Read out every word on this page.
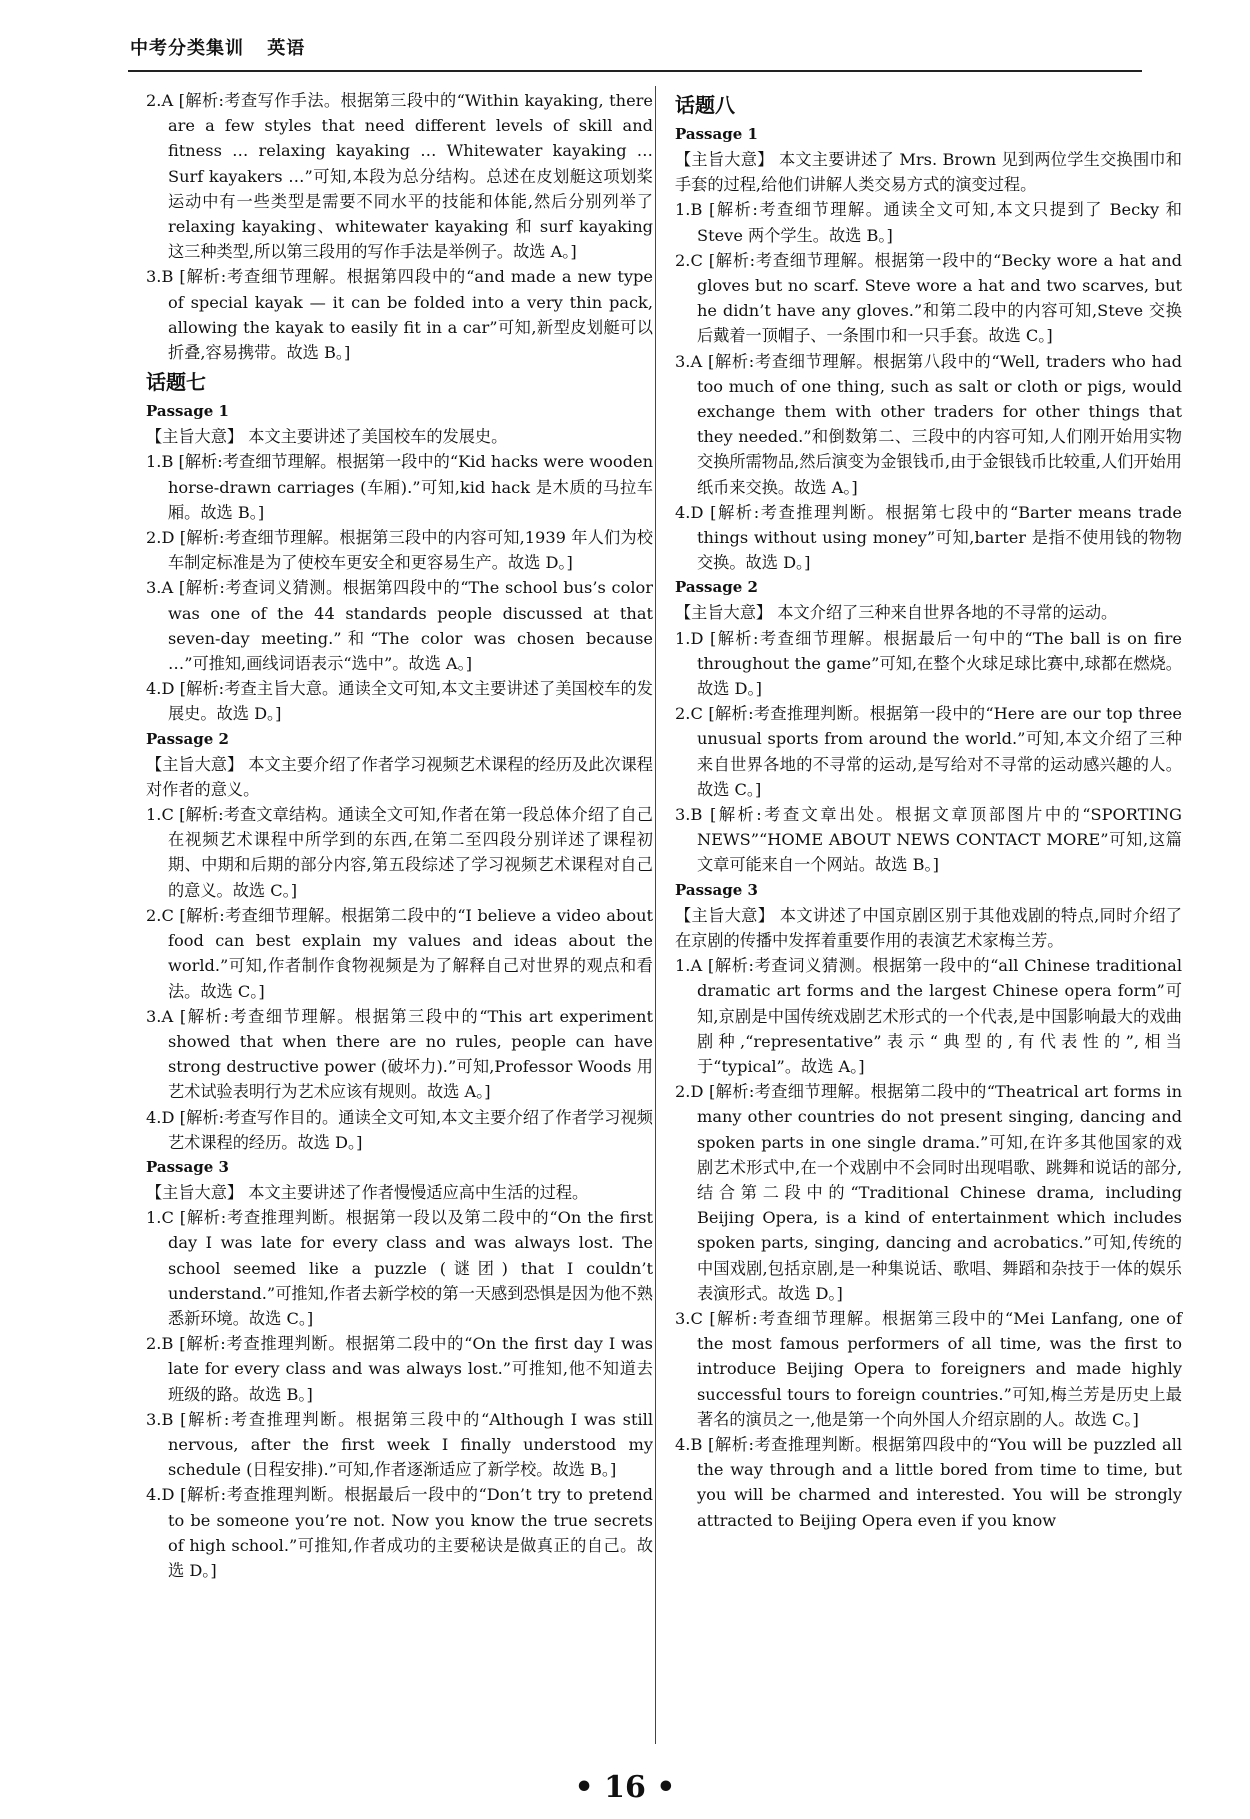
中考分类集训 英语

2.A [解析:考查写作手法。根据第三段中的“Within kayaking, there are a few styles that need different levels of skill and fitness … relaxing kayaking … Whitewater kayaking … Surf kayakers …”可知,本段为总分结构。总述在皮划艇这项划桨运动中有一些类型是需要不同水平的技能和体能,然后分别列举了 relaxing kayaking、whitewater kayaking 和 surf kayaking 这三种类型,所以第三段用的写作手法是举例子。故选 A。]

3.B [解析:考查细节理解。根据第四段中的“and made a new type of special kayak — it can be folded into a very thin pack, allowing the kayak to easily fit in a car”可知,新型皮划艇可以折叠,容易携带。故选 B。]

话题七

Passage 1

【主旨大意】 本文主要讲述了美国校车的发展史。

1.B [解析:考查细节理解。根据第一段中的“Kid hacks were wooden horse-drawn carriages (车厢).”可知,kid hack 是木质的马拉车厢。故选 B。]

2.D [解析:考查细节理解。根据第三段中的内容可知,1939 年人们为校车制定标准是为了使校车更安全和更容易生产。故选 D。]

3.A [解析:考查词义猜测。根据第四段中的“The school bus’s color was one of the 44 standards people discussed at that seven-day meeting.”和“The color was chosen because …”可推知,画线词语表示“选中”。故选 A。]

4.D [解析:考查主旨大意。通读全文可知,本文主要讲述了美国校车的发展史。故选 D。]

Passage 2

【主旨大意】 本文主要介绍了作者学习视频艺术课程的经历及此次课程对作者的意义。

1.C [解析:考查文章结构。通读全文可知,作者在第一段总体介绍了自己在视频艺术课程中所学到的东西,在第二至四段分别详述了课程初期、中期和后期的部分内容,第五段综述了学习视频艺术课程对自己的意义。故选 C。]

2.C [解析:考查细节理解。根据第二段中的“I believe a video about food can best explain my values and ideas about the world.”可知,作者制作食物视频是为了解释自己对世界的观点和看法。故选 C。]

3.A [解析:考查细节理解。根据第三段中的“This art experiment showed that when there are no rules, people can have strong destructive power (破坏力).”可知,Professor Woods 用艺术试验表明行为艺术应该有规则。故选 A。]

4.D [解析:考查写作目的。通读全文可知,本文主要介绍了作者学习视频艺术课程的经历。故选 D。]

Passage 3

【主旨大意】 本文主要讲述了作者慢慢适应高中生活的过程。

1.C [解析:考查推理判断。根据第一段以及第二段中的“On the first day I was late for every class and was always lost. The school seemed like a puzzle (谜团) that I couldn’t understand.”可推知,作者去新学校的第一天感到恐惧是因为他不熟悉新环境。故选 C。]

2.B [解析:考查推理判断。根据第二段中的“On the first day I was late for every class and was always lost.”可推知,他不知道去班级的路。故选 B。]

3.B [解析:考查推理判断。根据第三段中的“Although I was still nervous, after the first week I finally understood my schedule (日程安排).”可知,作者逐渐适应了新学校。故选 B。]

4.D [解析:考查推理判断。根据最后一段中的“Don’t try to pretend to be someone you’re not. Now you know the true secrets of high school.”可推知,作者成功的主要秘诀是做真正的自己。故选 D。]

话题八

Passage 1

【主旨大意】 本文主要讲述了 Mrs. Brown 见到两位学生交换围巾和手套的过程,给他们讲解人类交易方式的演变过程。

1.B [解析:考查细节理解。通读全文可知,本文只提到了 Becky 和 Steve 两个学生。故选 B。]

2.C [解析:考查细节理解。根据第一段中的“Becky wore a hat and gloves but no scarf. Steve wore a hat and two scarves, but he didn’t have any gloves.”和第二段中的内容可知,Steve 交换后戴着一顶帽子、一条围巾和一只手套。故选 C。]

3.A [解析:考查细节理解。根据第八段中的“Well, traders who had too much of one thing, such as salt or cloth or pigs, would exchange them with other traders for other things that they needed.”和倒数第二、三段中的内容可知,人们刚开始用实物交换所需物品,然后演变为金银钱币,由于金银钱币比较重,人们开始用纸币来交换。故选 A。]

4.D [解析:考查推理判断。根据第七段中的“Barter means trade things without using money”可知,barter 是指不使用钱的物物交换。故选 D。]

Passage 2

【主旨大意】 本文介绍了三种来自世界各地的不寻常的运动。

1.D [解析:考查细节理解。根据最后一句中的“The ball is on fire throughout the game”可知,在整个火球足球比赛中,球都在燃烧。故选 D。]

2.C [解析:考查推理判断。根据第一段中的“Here are our top three unusual sports from around the world.”可知,本文介绍了三种来自世界各地的不寻常的运动,是写给对不寻常的运动感兴趣的人。故选 C。]

3.B [解析:考查文章出处。根据文章顶部图片中的“SPORTING NEWS”“HOME ABOUT NEWS CONTACT MORE”可知,这篇文章可能来自一个网站。故选 B。]

Passage 3

【主旨大意】 本文讲述了中国京剧区别于其他戏剧的特点,同时介绍了在京剧的传播中发挥着重要作用的表演艺术家梅兰芳。

1.A [解析:考查词义猜测。根据第一段中的“all Chinese traditional dramatic art forms and the largest Chinese opera form”可知,京剧是中国传统戏剧艺术形式的一个代表,是中国影响最大的戏曲剧种,“representative”表示“典型的,有代表性的”,相当于“typical”。故选 A。]

2.D [解析:考查细节理解。根据第二段中的“Theatrical art forms in many other countries do not present singing, dancing and spoken parts in one single drama.”可知,在许多其他国家的戏剧艺术形式中,在一个戏剧中不会同时出现唱歌、跳舞和说话的部分,结合第二段中的“Traditional Chinese drama, including Beijing Opera, is a kind of entertainment which includes spoken parts, singing, dancing and acrobatics.”可知,传统的中国戏剧,包括京剧,是一种集说话、歌唱、舞蹈和杂技于一体的娱乐表演形式。故选 D。]

3.C [解析:考查细节理解。根据第三段中的“Mei Lanfang, one of the most famous performers of all time, was the first to introduce Beijing Opera to foreigners and made highly successful tours to foreign countries.”可知,梅兰芳是历史上最著名的演员之一,他是第一个向外国人介绍京剧的人。故选 C。]

4.B [解析:考查推理判断。根据第四段中的“You will be puzzled all the way through and a little bored from time to time, but you will be charmed and interested. You will be strongly attracted to Beijing Opera even if you know

• 16 •
